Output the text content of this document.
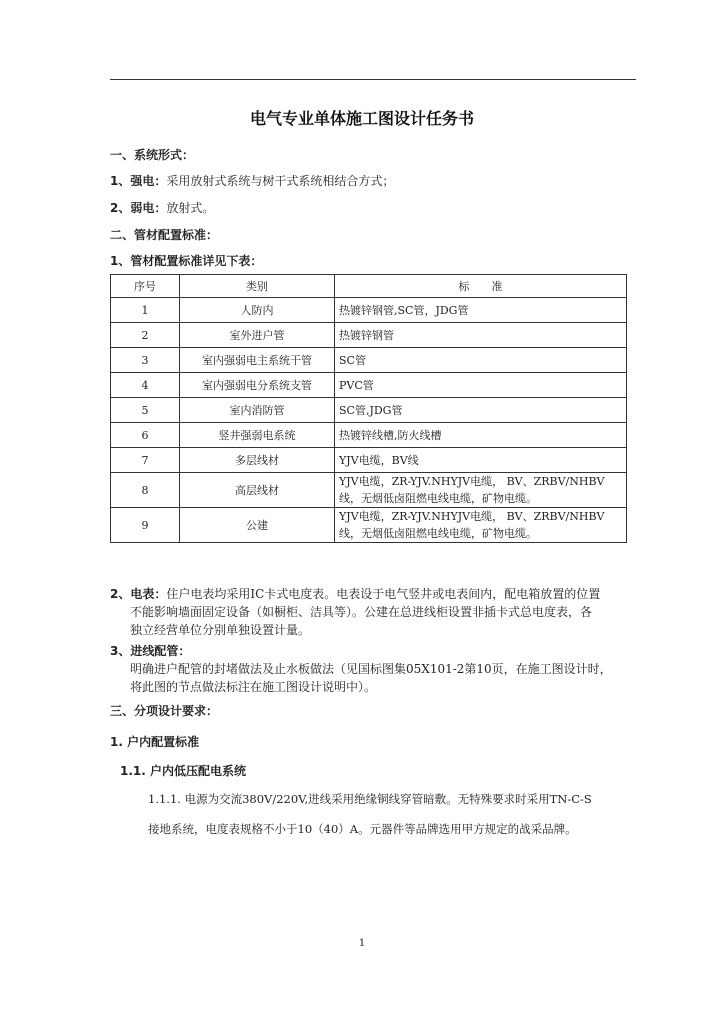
电气专业单体施工图设计任务书
一、系统形式：
1、强电：采用放射式系统与树干式系统相结合方式；
2、弱电：放射式。
二、管材配置标准：
1、管材配置标准详见下表：
序号	类别	标　　准
1	人防内	热镀锌钢管,SC管，JDG管
2	室外进户管	热镀锌钢管
3	室内强弱电主系统干管	SC管
4	室内强弱电分系统支管	PVC管
5	室内消防管	SC管,JDG管
6	竖井强弱电系统	热镀锌线槽,防火线槽
7	多层线材	YJV电缆，BV线
8	高层线材	YJV电缆，ZR-YJV.NHYJV电缆， BV、ZRBV/NHBV线，无烟低卤阻燃电线电缆，矿物电缆。
9	公建	YJV电缆，ZR-YJV.NHYJV电缆， BV、ZRBV/NHBV线，无烟低卤阻燃电线电缆，矿物电缆。
2、电表：住户电表均采用IC卡式电度表。电表设于电气竖井或电表间内，配电箱放置的位置
不能影响墙面固定设备（如橱柜、洁具等）。公建在总进线柜设置非插卡式总电度表，各
独立经营单位分别单独设置计量。
3、进线配管：
明确进户配管的封堵做法及止水板做法（见国标图集05X101-2第10页，在施工图设计时，
将此图的节点做法标注在施工图设计说明中）。
三、分项设计要求：
1. 户内配置标准
1.1. 户内低压配电系统
1.1.1. 电源为交流380V/220V,进线采用绝缘铜线穿管暗敷。无特殊要求时采用TN-C-S
接地系统，电度表规格不小于10（40）A。元器件等品牌选用甲方规定的战采品牌。
1
